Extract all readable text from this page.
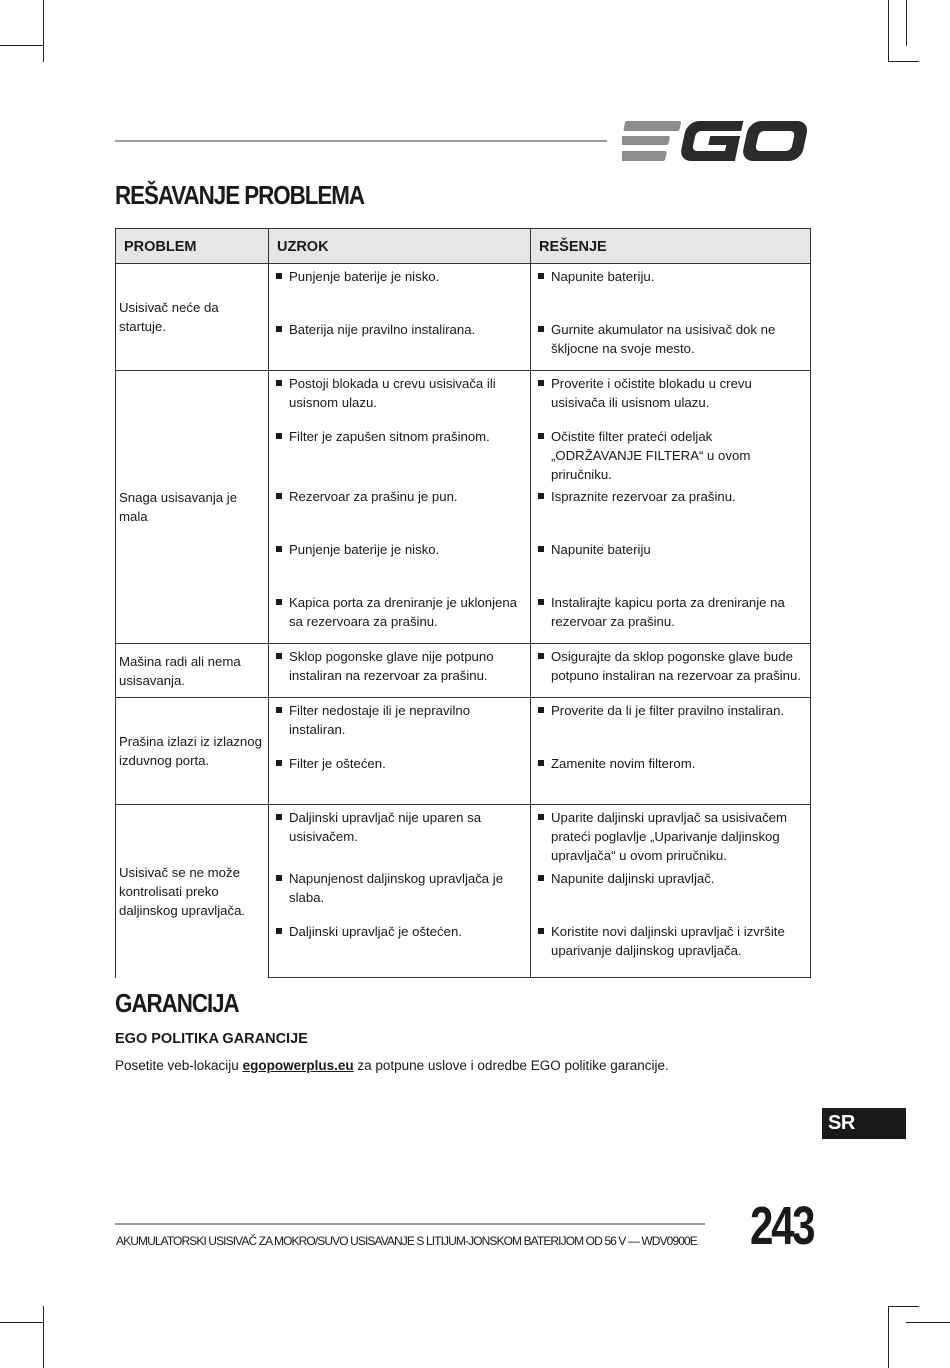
REŠAVANJE PROBLEMA
PROBLEM	UZROK	REŠENJE
Usisivač neće da startuje.	Punjenje baterije je nisko.	Napunite bateriju.

	Baterija nije pravilno instalirana.	Gurnite akumulator na usisivač dok ne škljocne na svoje mesto.

Snaga usisavanja je mala	Postoji blokada u crevu usisivača ili usisnom ulazu.	Proverite i očistite blokadu u crevu usisivača ili usisnom ulazu.

	Filter je zapušen sitnom prašinom.	Očistite filter prateći odeljak „ODRŽAVANJE FILTERA“ u ovom priručniku.

	Rezervoar za prašinu je pun.	Ispraznite rezervoar za prašinu.

	Punjenje baterije je nisko.	Napunite bateriju

	Kapica porta za dreniranje je uklonjena sa rezervoara za prašinu.	Instalirajte kapicu porta za dreniranje na rezervoar za prašinu.

Mašina radi ali nema usisavanja.	Sklop pogonske glave nije potpuno instaliran na rezervoar za prašinu.	Osigurajte da sklop pogonske glave bude potpuno instaliran na rezervoar za prašinu.

Prašina izlazi iz izlaznog izduvnog porta.	Filter nedostaje ili je nepravilno instaliran.	Proverite da li je filter pravilno instaliran.

	Filter je oštećen.	Zamenite novim filterom.

Usisivač se ne može kontrolisati preko daljinskog upravljača.	Daljinski upravljač nije uparen sa usisivačem.	Uparite daljinski upravljač sa usisivačem prateći poglavlje „Uparivanje daljinskog upravljača“ u ovom priručniku.

	Napunjenost daljinskog upravljača je slaba.	Napunite daljinski upravljač.

	Daljinski upravljač je oštećen.	Koristite novi daljinski upravljač i izvršite uparivanje daljinskog upravljača.
GARANCIJA
EGO POLITIKA GARANCIJE
Posetite veb-lokaciju egopowerplus.eu za potpune uslove i odredbe EGO politike garancije.
SR
AKUMULATORSKI USISIVAČ ZA MOKRO/SUVO USISAVANJE S LITIJUM-JONSKOM BATERIJOM OD 56 V — WDV0900E 243
